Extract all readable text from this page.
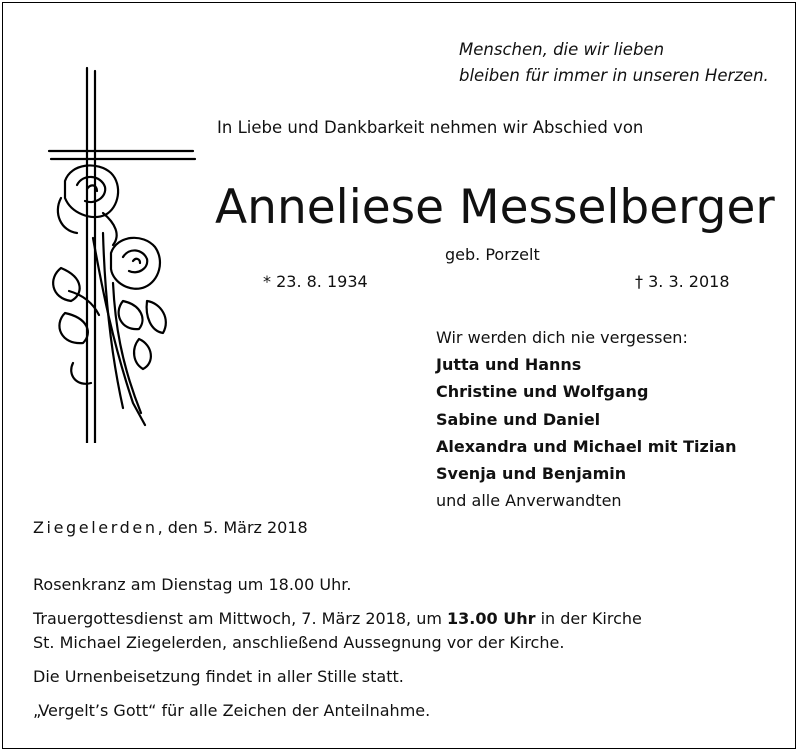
Menschen, die wir lieben
bleiben für immer in unseren Herzen.
In Liebe und Dankbarkeit nehmen wir Abschied von
Anneliese Messelberger
geb. Porzelt
* 23. 8. 1934	† 3. 3. 2018
Wir werden dich nie vergessen:
Jutta und Hanns
Christine und Wolfgang
Sabine und Daniel
Alexandra und Michael mit Tizian
Svenja und Benjamin
und alle Anverwandten
Ziegelerden, den 5. März 2018

Rosenkranz am Dienstag um 18.00 Uhr.

Trauergottesdienst am Mittwoch, 7. März 2018, um 13.00 Uhr in der Kirche

St. Michael Ziegelerden, anschließend Aussegnung vor der Kirche.

Die Urnenbeisetzung findet in aller Stille statt.

„Vergelt’s Gott“ für alle Zeichen der Anteilnahme.
